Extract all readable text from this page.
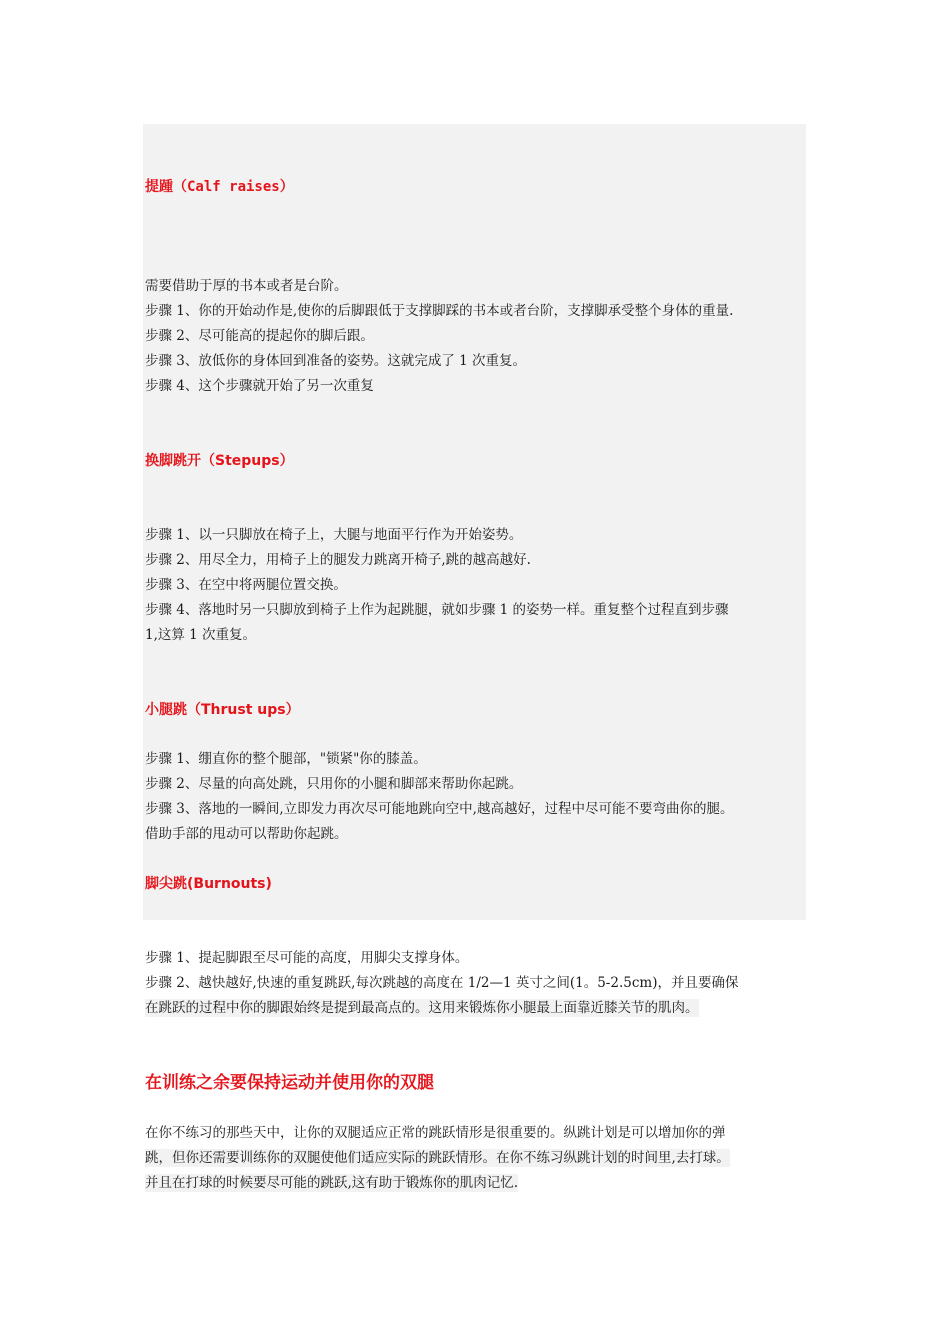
提踵（Calf raises）
需要借助于厚的书本或者是台阶。
步骤 1、你的开始动作是,使你的后脚跟低于支撑脚踩的书本或者台阶，支撑脚承受整个身体的重量.
步骤 2、尽可能高的提起你的脚后跟。
步骤 3、放低你的身体回到准备的姿势。这就完成了 1 次重复。
步骤 4、这个步骤就开始了另一次重复
换脚跳开（Stepups）
步骤 1、以一只脚放在椅子上，大腿与地面平行作为开始姿势。
步骤 2、用尽全力，用椅子上的腿发力跳离开椅子,跳的越高越好.
步骤 3、在空中将两腿位置交换。
步骤 4、落地时另一只脚放到椅子上作为起跳腿，就如步骤 1 的姿势一样。重复整个过程直到步骤
1,这算 1 次重复。
小腿跳（Thrust ups）
步骤 1、绷直你的整个腿部，"锁紧"你的膝盖。
步骤 2、尽量的向高处跳，只用你的小腿和脚部来帮助你起跳。
步骤 3、落地的一瞬间,立即发力再次尽可能地跳向空中,越高越好，过程中尽可能不要弯曲你的腿。
借助手部的甩动可以帮助你起跳。
脚尖跳(Burnouts)
步骤 1、提起脚跟至尽可能的高度，用脚尖支撑身体。
步骤 2、越快越好,快速的重复跳跃,每次跳越的高度在 1/2—1 英寸之间(1。5-2.5cm)，并且要确保
在跳跃的过程中你的脚跟始终是提到最高点的。这用来锻炼你小腿最上面靠近膝关节的肌肉。
在训练之余要保持运动并使用你的双腿
在你不练习的那些天中，让你的双腿适应正常的跳跃情形是很重要的。纵跳计划是可以增加你的弹
跳，但你还需要训练你的双腿使他们适应实际的跳跃情形。在你不练习纵跳计划的时间里,去打球。
并且在打球的时候要尽可能的跳跃,这有助于锻炼你的肌肉记忆.
